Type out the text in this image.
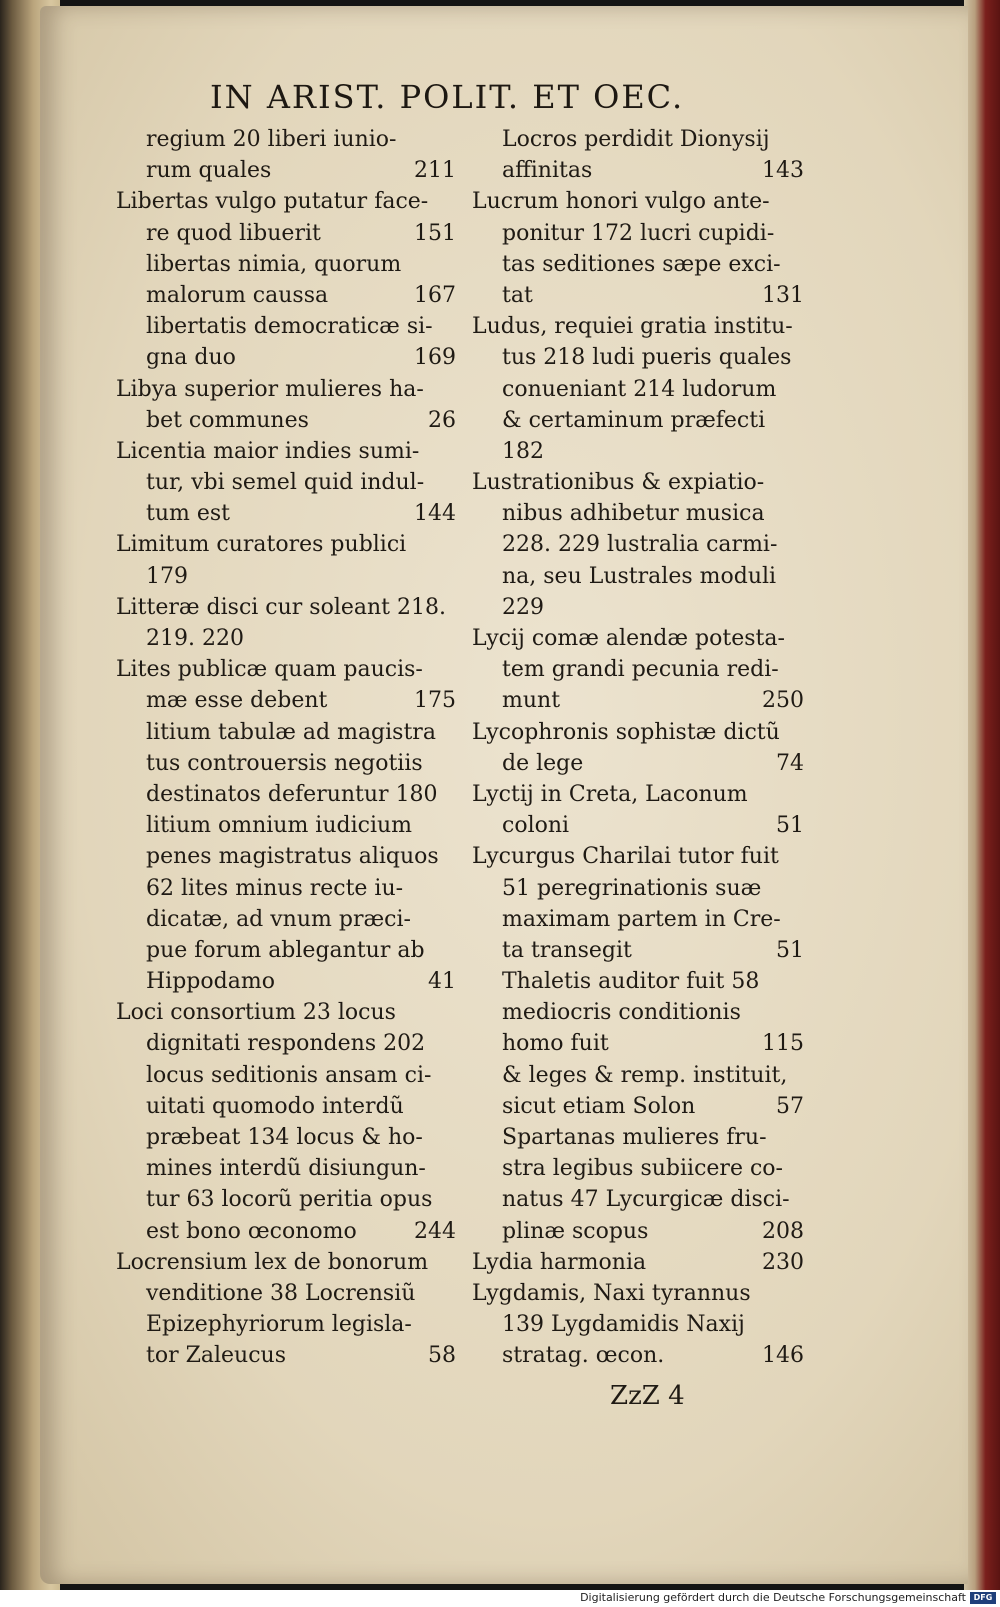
IN ARIST. POLIT. ET OEC.
regium 20 liberi iunio-
rum quales	211
Libertas vulgo putatur face-
re quod libuerit	151
libertas nimia, quorum
malorum caussa	167
libertatis democraticæ si-
gna duo	169
Libya superior mulieres ha-
bet communes	26
Licentia maior indies sumi-
tur, vbi semel quid indul-
tum est	144
Limitum curatores publici
179
Litteræ disci cur soleant 218.
219. 220
Lites publicæ quam paucis-
mæ esse debent	175
litium tabulæ ad magistra
tus controuersis negotiis
destinatos deferuntur 180
litium omnium iudicium
penes magistratus aliquos
62 lites minus recte iu-
dicatæ, ad vnum præci-
pue forum ablegantur ab
Hippodamo	41
Loci consortium 23 locus
dignitati respondens 202
locus seditionis ansam ci-
uitati quomodo interdũ
præbeat 134 locus & ho-
mines interdũ disiungun-
tur 63 locorũ peritia opus
est bono œconomo	244
Locrensium lex de bonorum
venditione 38 Locrensiũ
Epizephyriorum legisla-
tor Zaleucus	58
Locros perdidit Dionysij
affinitas	143
Lucrum honori vulgo ante-
ponitur 172 lucri cupidi-
tas seditiones sæpe exci-
tat	131
Ludus, requiei gratia institu-
tus 218 ludi pueris quales
conueniant 214 ludorum
& certaminum præfecti
182
Lustrationibus & expiatio-
nibus adhibetur musica
228. 229 lustralia carmi-
na, seu Lustrales moduli
229
Lycij comæ alendæ potesta-
tem grandi pecunia redi-
munt	250
Lycophronis sophistæ dictũ
de lege	74
Lyctij in Creta, Laconum
coloni	51
Lycurgus Charilai tutor fuit
51 peregrinationis suæ
maximam partem in Cre-
ta transegit	51
Thaletis auditor fuit 58
mediocris conditionis
homo fuit	115
& leges & remp. instituit,
sicut etiam Solon	57
Spartanas mulieres fru-
stra legibus subiicere co-
natus 47 Lycurgicæ disci-
plinæ scopus	208
Lydia harmonia	230
Lygdamis, Naxi tyrannus
139 Lygdamidis Naxij
stratag. œcon.	146
ZzZ 4
Digitalisierung gefördert durch die Deutsche Forschungsgemeinschaft DFG
